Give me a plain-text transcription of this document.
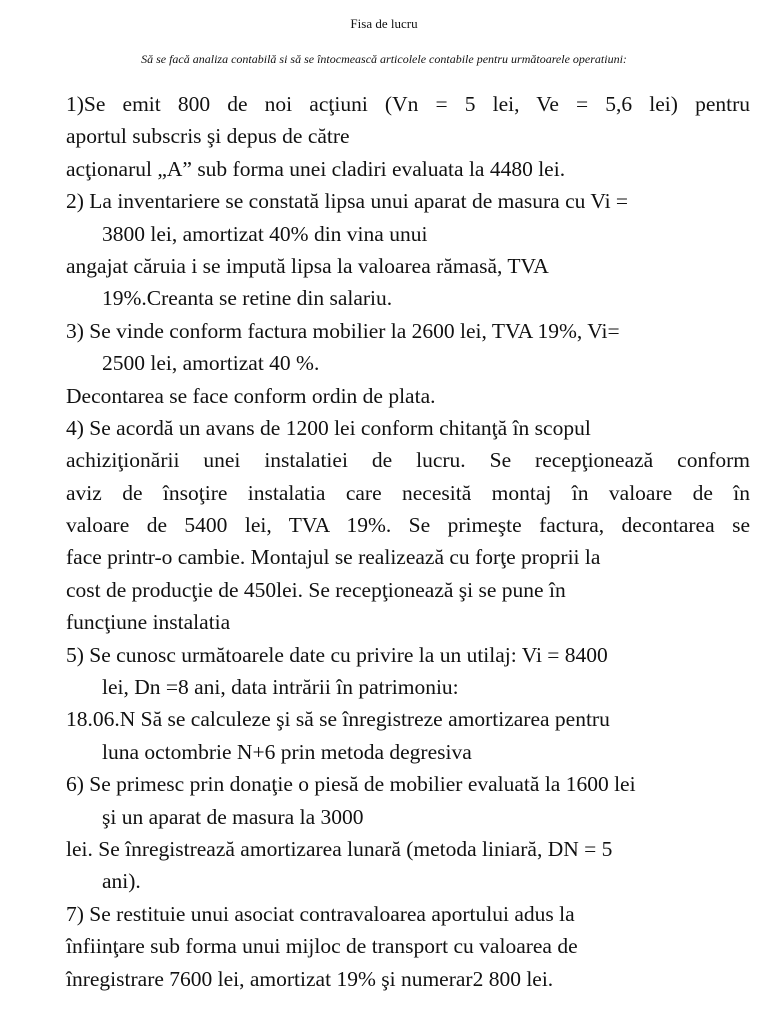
Fisa de lucru
Să se facă analiza contabilă si să se întocmească articolele contabile pentru următoarele operatiuni:
1)Se emit 800 de noi acţiuni (Vn = 5 lei, Ve = 5,6 lei) pentru
aportul subscris şi depus de către
acţionarul „A” sub forma unei cladiri evaluata la 4480 lei.
2) La inventariere se constată lipsa unui aparat de masura cu Vi =
3800 lei, amortizat 40% din vina unui
angajat căruia i se impută lipsa la valoarea rămasă, TVA
19%.Creanta se retine din salariu.
3) Se vinde conform factura mobilier la 2600 lei, TVA 19%, Vi=
2500 lei, amortizat 40 %.
Decontarea se face conform ordin de plata.
4) Se acordă un avans de 1200 lei conform chitanţă în scopul
achiziţionării unei instalatiei de lucru. Se recepţionează conform
aviz de însoţire instalatia care necesită montaj în valoare de în
valoare de 5400 lei, TVA 19%. Se primeşte factura, decontarea se
face printr-o cambie. Montajul se realizează cu forţe proprii la
cost de producţie de 450lei. Se recepţionează şi se pune în
funcţiune instalatia
5) Se cunosc următoarele date cu privire la un utilaj: Vi = 8400
lei, Dn =8 ani, data intrării în patrimoniu:
18.06.N Să se calculeze şi să se înregistreze amortizarea pentru
luna octombrie N+6 prin metoda degresiva
6) Se primesc prin donaţie o piesă de mobilier evaluată la 1600 lei
şi un aparat de masura la 3000
lei. Se înregistrează amortizarea lunară (metoda liniară, DN = 5
ani).
7) Se restituie unui asociat contravaloarea aportului adus la
înfiinţare sub forma unui mijloc de transport cu valoarea de
înregistrare 7600 lei, amortizat 19% şi numerar2 800 lei.
